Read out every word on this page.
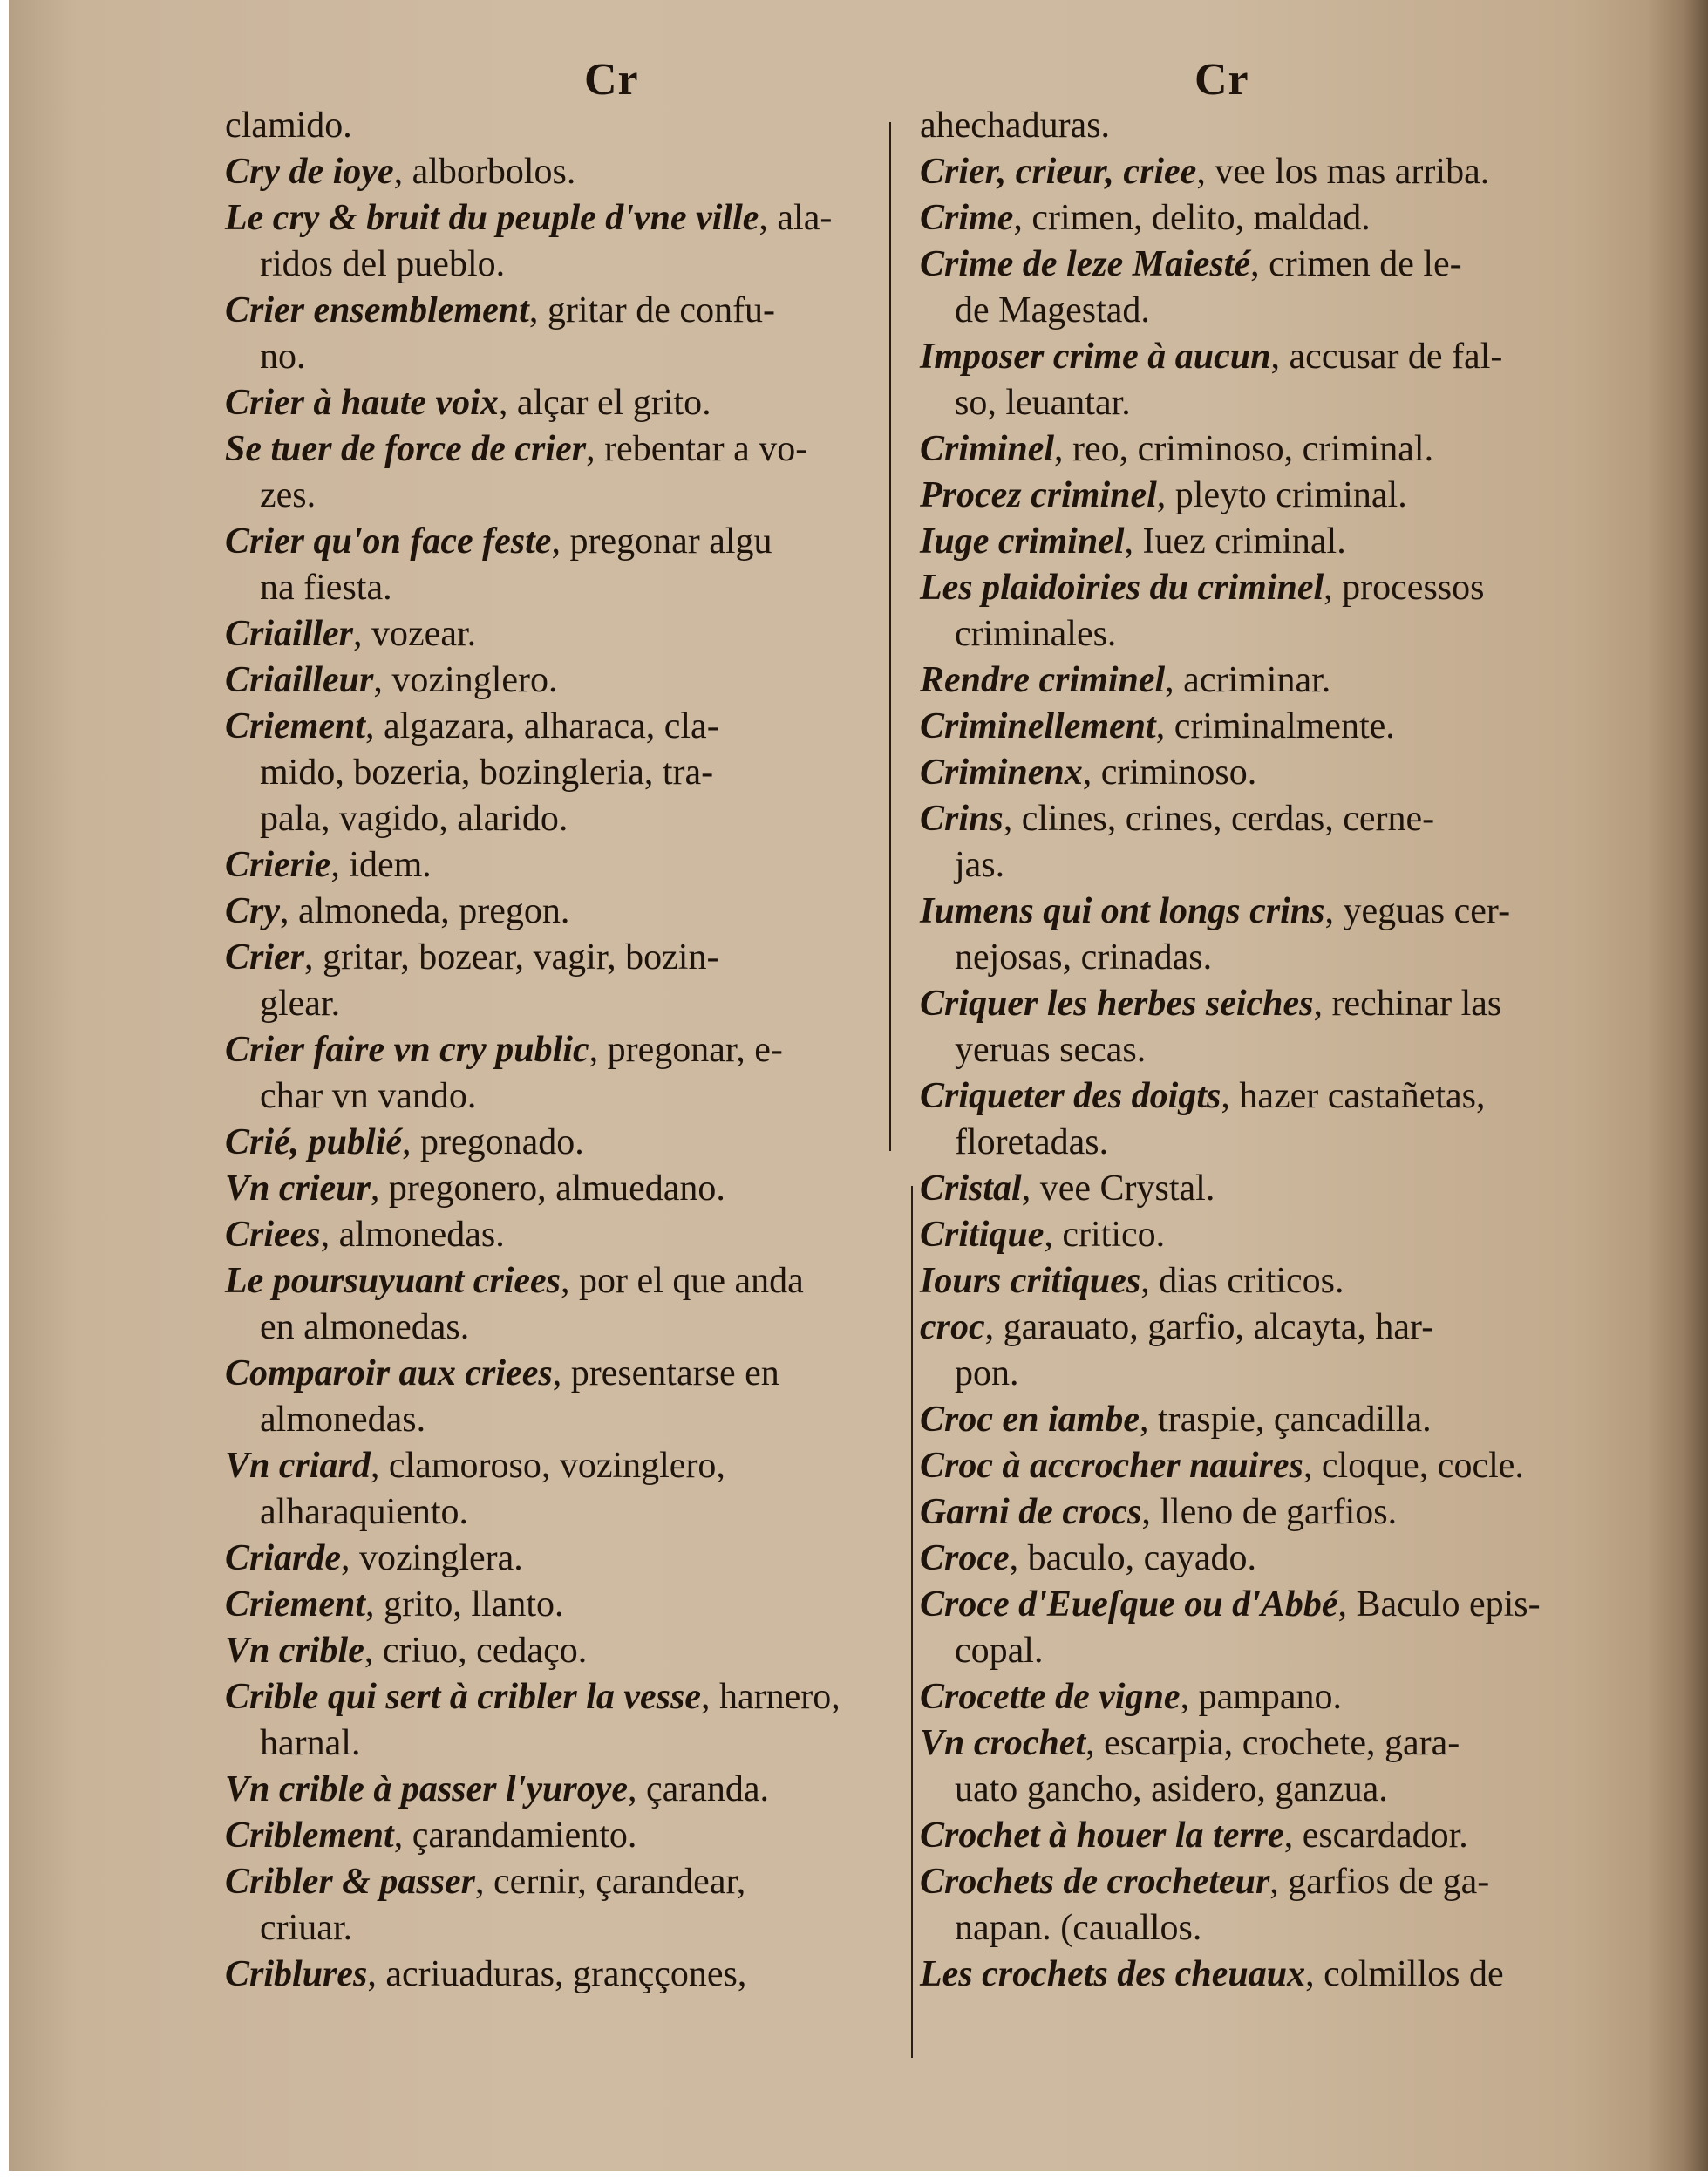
Cr	Cr
clamido.
Cry de ioye, alborbolos.
Le cry & bruit du peuple d'vne ville, ala-
ridos del pueblo.
Crier ensemblement, gritar de confu-
no.
Crier à haute voix, alçar el grito.
Se tuer de force de crier, rebentar a vo-
zes.
Crier qu'on face feste, pregonar algu
na fiesta.
Criailler, vozear.
Criailleur, vozinglero.
Criement, algazara, alharaca, cla-
mido, bozeria, bozingleria, tra-
pala, vagido, alarido.
Crierie, idem.
Cry, almoneda, pregon.
Crier, gritar, bozear, vagir, bozin-
glear.
Crier faire vn cry public, pregonar, e-
char vn vando.
Crié, publié, pregonado.
Vn crieur, pregonero, almuedano.
Criees, almonedas.
Le poursuyuant criees, por el que anda
en almonedas.
Comparoir aux criees, presentarse en
almonedas.
Vn criard, clamoroso, vozinglero,
alharaquiento.
Criarde, vozinglera.
Criement, grito, llanto.
Vn crible, criuo, cedaço.
Crible qui sert à cribler la vesse, harnero,
harnal.
Vn crible à passer l'yuroye, çaranda.
Criblement, çarandamiento.
Cribler & passer, cernir, çarandear,
criuar.
Criblures, acriuaduras, granççones,
ahechaduras.
Crier, crieur, criee, vee los mas arriba.
Crime, crimen, delito, maldad.
Crime de leze Maiesté, crimen de le-
de Magestad.
Imposer crime à aucun, accusar de fal-
so, leuantar.
Criminel, reo, criminoso, criminal.
Procez criminel, pleyto criminal.
Iuge criminel, Iuez criminal.
Les plaidoiries du criminel, processos
criminales.
Rendre criminel, acriminar.
Criminellement, criminalmente.
Criminenx, criminoso.
Crins, clines, crines, cerdas, cerne-
jas.
Iumens qui ont longs crins, yeguas cer-
nejosas, crinadas.
Criquer les herbes seiches, rechinar las
yeruas secas.
Criqueter des doigts, hazer castañetas,
floretadas.
Cristal, vee Crystal.
Critique, critico.
Iours critiques, dias criticos.
croc, garauato, garfio, alcayta, har-
pon.
Croc en iambe, traspie, çancadilla.
Croc à accrocher nauires, cloque, cocle.
Garni de crocs, lleno de garfios.
Croce, baculo, cayado.
Croce d'Eueſque ou d'Abbé, Baculo epis-
copal.
Crocette de vigne, pampano.
Vn crochet, escarpia, crochete, gara-
uato gancho, asidero, ganzua.
Crochet à houer la terre, escardador.
Crochets de crocheteur, garfios de ga-
napan. (cauallos.
Les crochets des cheuaux, colmillos de
